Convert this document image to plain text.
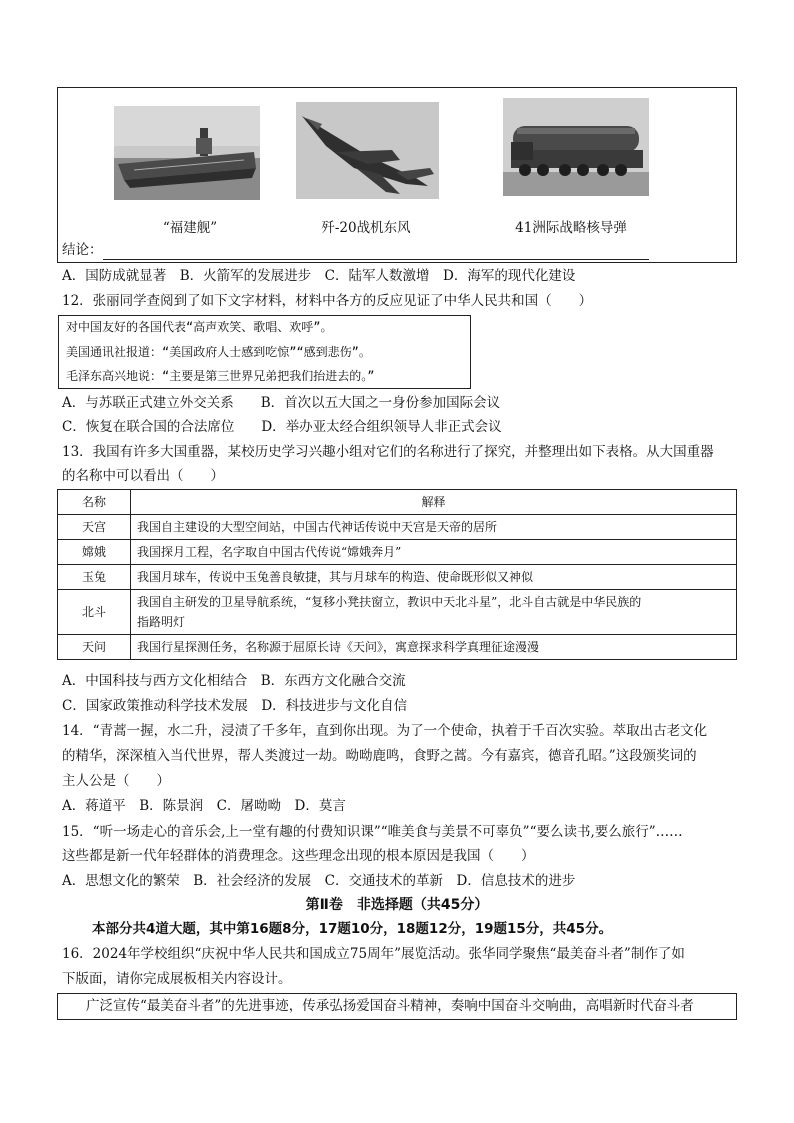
“福建舰”	歼-20战机东风	41洲际战略核导弹
结论：
A．国防成就显著　B．火箭军的发展进步　C．陆军人数激增　D．海军的现代化建设
12．张丽同学查阅到了如下文字材料，材料中各方的反应见证了中华人民共和国（　　）
对中国友好的各国代表“高声欢笑、歌唱、欢呼”。
美国通讯社报道：“美国政府人士感到吃惊”“感到悲伤”。
毛泽东高兴地说：“主要是第三世界兄弟把我们抬进去的。”
A．与苏联正式建立外交关系　　B．首次以五大国之一身份参加国际会议
C．恢复在联合国的合法席位　　D．举办亚太经合组织领导人非正式会议
13．我国有许多大国重器，某校历史学习兴趣小组对它们的名称进行了探究，并整理出如下表格。从大国重器
的名称中可以看出（　　）
名称	解释
天宫	我国自主建设的大型空间站，中国古代神话传说中天宫是天帝的居所
嫦娥	我国探月工程，名字取自中国古代传说“嫦娥奔月”
玉兔	我国月球车，传说中玉兔善良敏捷，其与月球车的构造、使命既形似又神似
北斗	我国自主研发的卫星导航系统，“复移小凳扶窗立，教识中天北斗星”，北斗自古就是中华民族的
指路明灯

天问	我国行星探测任务，名称源于屈原长诗《天问》，寓意探求科学真理征途漫漫
A．中国科技与西方文化相结合　B．东西方文化融合交流
C．国家政策推动科学技术发展　D．科技进步与文化自信
14．“青蒿一握，水二升，浸渍了千多年，直到你出现。为了一个使命，执着于千百次实验。萃取出古老文化
的精华，深深植入当代世界，帮人类渡过一劫。呦呦鹿鸣，食野之蒿。今有嘉宾，德音孔昭。”这段颁奖词的
主人公是（　　）
A．蒋道平　B．陈景润　C．屠呦呦　D．莫言
15．“听一场走心的音乐会,上一堂有趣的付费知识课”“唯美食与美景不可辜负”“要么读书,要么旅行”……
这些都是新一代年轻群体的消费理念。这些理念出现的根本原因是我国（　　）
A．思想文化的繁荣　B．社会经济的发展　C．交通技术的革新　D．信息技术的进步
第Ⅱ卷　非选择题（共45分）
本部分共4道大题，其中第16题8分，17题10分，18题12分，19题15分，共45分。
16．2024年学校组织“庆祝中华人民共和国成立75周年”展览活动。张华同学聚焦“最美奋斗者”制作了如
下版面，请你完成展板相关内容设计。
广泛宣传“最美奋斗者”的先进事迹，传承弘扬爱国奋斗精神，奏响中国奋斗交响曲，高唱新时代奋斗者
